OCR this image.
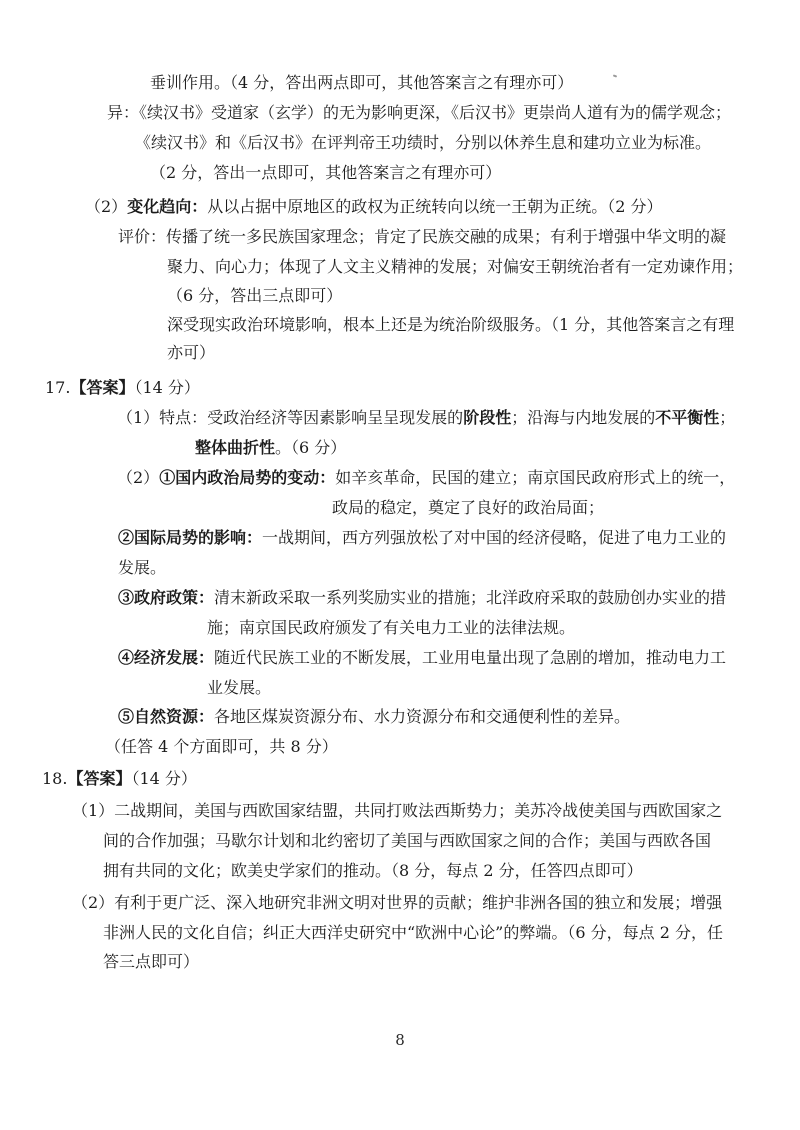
垂训作用。（4 分，答出两点即可，其他答案言之有理亦可）
异：《续汉书》受道家（玄学）的无为影响更深，《后汉书》更崇尚人道有为的儒学观念；
《续汉书》和《后汉书》在评判帝王功绩时，分别以休养生息和建功立业为标准。
（2 分，答出一点即可，其他答案言之有理亦可）
（2）变化趋向：从以占据中原地区的政权为正统转向以统一王朝为正统。（2 分）
评价：传播了统一多民族国家理念；肯定了民族交融的成果；有利于增强中华文明的凝
聚力、向心力；体现了人文主义精神的发展；对偏安王朝统治者有一定劝谏作用；
（6 分，答出三点即可）
深受现实政治环境影响，根本上还是为统治阶级服务。（1 分，其他答案言之有理
亦可）
17.【答案】（14 分）
（1）特点：受政治经济等因素影响呈呈现发展的阶段性；沿海与内地发展的不平衡性；
整体曲折性。（6 分）
（2）①国内政治局势的变动：如辛亥革命，民国的建立；南京国民政府形式上的统一，
政局的稳定，奠定了良好的政治局面；
②国际局势的影响：一战期间，西方列强放松了对中国的经济侵略，促进了电力工业的
发展。
③政府政策：清末新政采取一系列奖励实业的措施；北洋政府采取的鼓励创办实业的措
施；南京国民政府颁发了有关电力工业的法律法规。
④经济发展：随近代民族工业的不断发展，工业用电量出现了急剧的增加，推动电力工
业发展。
⑤自然资源：各地区煤炭资源分布、水力资源分布和交通便利性的差异。
（任答 4 个方面即可，共 8 分）
18.【答案】（14 分）
（1）二战期间，美国与西欧国家结盟，共同打败法西斯势力；美苏冷战使美国与西欧国家之
间的合作加强；马歇尔计划和北约密切了美国与西欧国家之间的合作；美国与西欧各国
拥有共同的文化；欧美史学家们的推动。（8 分，每点 2 分，任答四点即可）
（2）有利于更广泛、深入地研究非洲文明对世界的贡献；维护非洲各国的独立和发展；增强
非洲人民的文化自信；纠正大西洋史研究中“欧洲中心论”的弊端。（6 分，每点 2 分，任
答三点即可）
8
